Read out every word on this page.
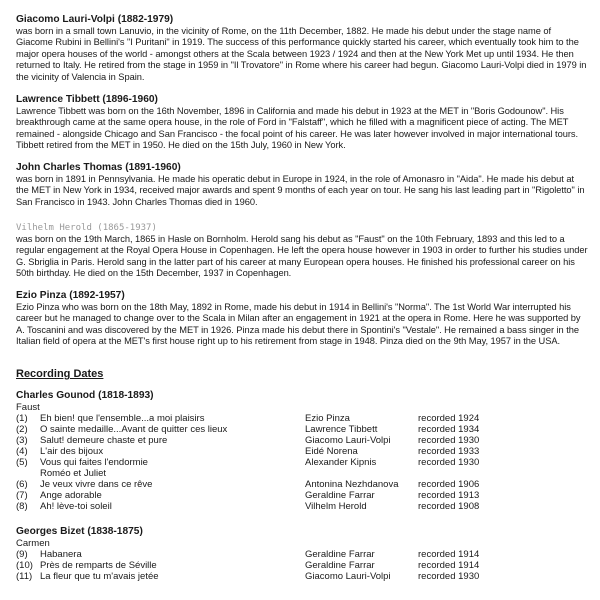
Giacomo Lauri-Volpi (1882-1979)

was born in a small town Lanuvio, in the vicinity of Rome, on the 11th December, 1882. He made his debut under the stage name of Giacome Rubini in Bellini's "I Puritani" in 1919. The success of this performance quickly started his career, which eventually took him to the major opera houses of the world - amongst others at the Scala between 1923 / 1924 and then at the New York Met up until 1934. He then returned to Italy. He retired from the stage in 1959 in "Il Trovatore" in Rome where his career had begun. Giacomo Lauri-Volpi died in 1979 in the vicinity of Valencia in Spain.

Lawrence Tibbett (1896-1960)

Lawrence Tibbett was born on the 16th November, 1896 in California and made his debut in 1923 at the MET in "Boris Godounow". His breakthrough came at the same opera house, in the role of Ford in "Falstaff", which he filled with a magnificent piece of acting. The MET remained - alongside Chicago and San Francisco - the focal point of his career. He was later however involved in major international tours. Tibbett retired from the MET in 1950. He died on the 15th July, 1960 in New York.

John Charles Thomas (1891-1960)

was born in 1891 in Pennsylvania. He made his operatic debut in Europe in 1924, in the role of Amonasro in "Aida". He made his debut at the MET in New York in 1934, received major awards and spent 9 months of each year on tour. He sang his last leading part in "Rigoletto" in San Francisco in 1943. John Charles Thomas died in 1960.

Vilhelm Herold (1865-1937)

was born on the 19th March, 1865 in Hasle on Bornholm. Herold sang his debut as "Faust" on the 10th February, 1893 and this led to a regular engagement at the Royal Opera House in Copenhagen. He left the opera house however in 1903 in order to further his studies under G. Sbriglia in Paris. Herold sang in the latter part of his career at many European opera houses. He finished his professional career on his 50th birthday. He died on the 15th December, 1937 in Copenhagen.

Ezio Pinza (1892-1957)

Ezio Pinza who was born on the 18th May, 1892 in Rome, made his debut in 1914 in Bellini's "Norma". The 1st World War interrupted his career but he managed to change over to the Scala in Milan after an engagement in 1921 at the opera in Rome. Here he was supported by A. Toscanini and was discovered by the MET in 1926. Pinza made his debut there in Spontini's "Vestale". He remained a bass singer in the Italian field of opera at the MET's first house right up to his retirement from stage in 1948. Pinza died on the 9th May, 1957 in the USA.

Recording Dates
Charles Gounod (1818-1893)
Faust
(1) Eh bien! que l'ensemble...a moi plaisirs	Ezio Pinza	recorded 1924
(2) O sainte medaille...Avant de quitter ces lieux	Lawrence Tibbett	recorded 1934
(3) Salut! demeure chaste et pure	Giacomo Lauri-Volpi	recorded 1930
(4) L'air des bijoux	Eidé Norena	recorded 1933
(5) Vous qui faites l'endormie	Alexander Kipnis	recorded 1930
Roméo et Juliet
(6) Je veux vivre dans ce rêve	Antonina Nezhdanova recorded 1906
(7) Ange adorable	Geraldine Farrar	recorded 1913
(8) Ah! lève-toi soleil	Vilhelm Herold	recorded 1908
Georges Bizet (1838-1875)
Carmen
(9) Habanera	Geraldine Farrar	recorded 1914
(10) Près de remparts de Séville	Geraldine Farrar	recorded 1914
(11) La fleur que tu m'avais jetée	Giacomo Lauri-Volpi	recorded 1930
